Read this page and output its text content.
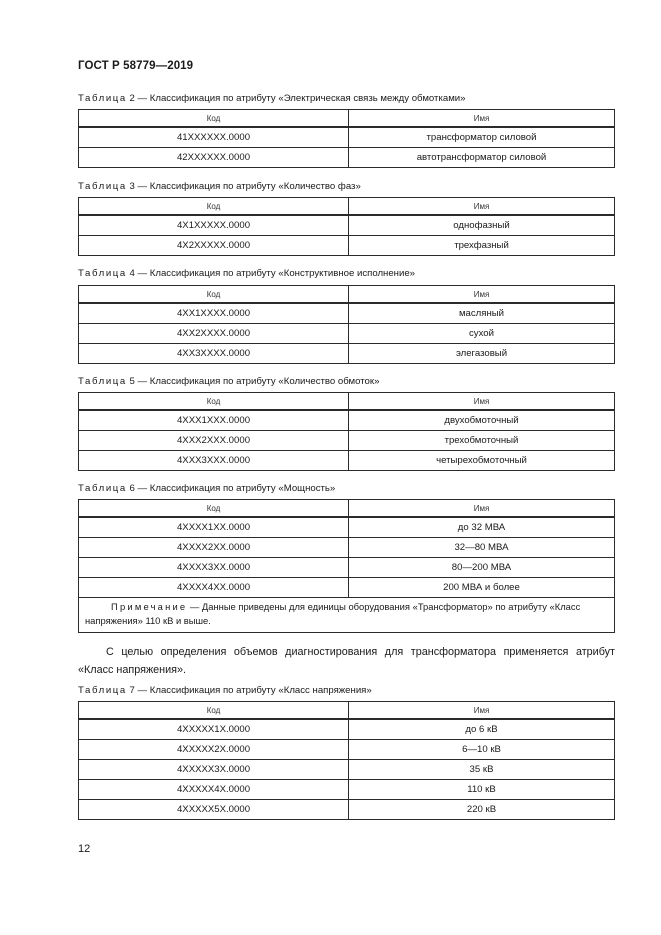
ГОСТ Р 58779—2019
Таблица 2 — Классификация по атрибуту «Электрическая связь между обмотками»
Код	Имя
41XXXXXX.0000	трансформатор силовой
42XXXXXX.0000	автотрансформатор силовой
Таблица 3 — Классификация по атрибуту «Количество фаз»
Код	Имя
4X1XXXXX.0000	однофазный
4X2XXXXX.0000	трехфазный
Таблица 4 — Классификация по атрибуту «Конструктивное исполнение»
Код	Имя
4XX1XXXX.0000	масляный
4XX2XXXX.0000	сухой
4XX3XXXX.0000	элегазовый
Таблица 5 — Классификация по атрибуту «Количество обмоток»
Код	Имя
4XXX1XXX.0000	двухобмоточный
4XXX2XXX.0000	трехобмоточный
4XXX3XXX.0000	четырехобмоточный
Таблица 6 — Классификация по атрибуту «Мощность»
Код	Имя
4XXXX1XX.0000	до 32 МВА
4XXXX2XX.0000	32—80 МВА
4XXXX3XX.0000	80—200 МВА
4XXXX4XX.0000	200 МВА и более
Примечание — Данные приведены для единицы оборудования «Трансформатор» по атрибуту «Класс напряжения» 110 кВ и выше.	
С целью определения объемов диагностирования для трансформатора применяется атрибут «Класс напряжения».
Таблица 7 — Классификация по атрибуту «Класс напряжения»
Код	Имя
4XXXXX1X.0000	до 6 кВ
4XXXXX2X.0000	6—10 кВ
4XXXXX3X.0000	35 кВ
4XXXXX4X.0000	110 кВ
4XXXXX5X.0000	220 кВ
12
